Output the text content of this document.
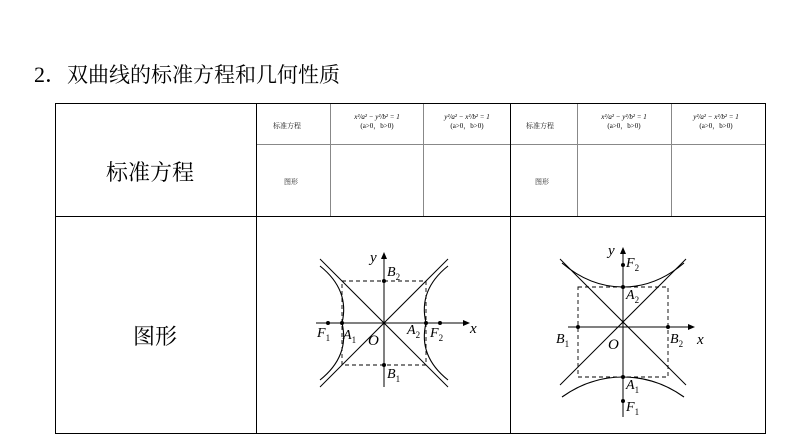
2．双曲线的标准方程和几何性质
标准方程
图形
标准方程
图形
x²/a² − y²/b² = 1
(a>0，b>0)
y²/a² − x²/b² = 1
(a>0，b>0)	标准方程
图形
x²/a² − y²/b² = 1
(a>0，b>0)
y²/a² − x²/b² = 1
(a>0，b>0)
x
y
O
$F_1$ $A_1$
$A_2$ $F_2$
$B_2$
$B_1$
x
y
O
$F_2$
$A_2$
$A_1$
$F_1$
$B_1$	$B_2$
